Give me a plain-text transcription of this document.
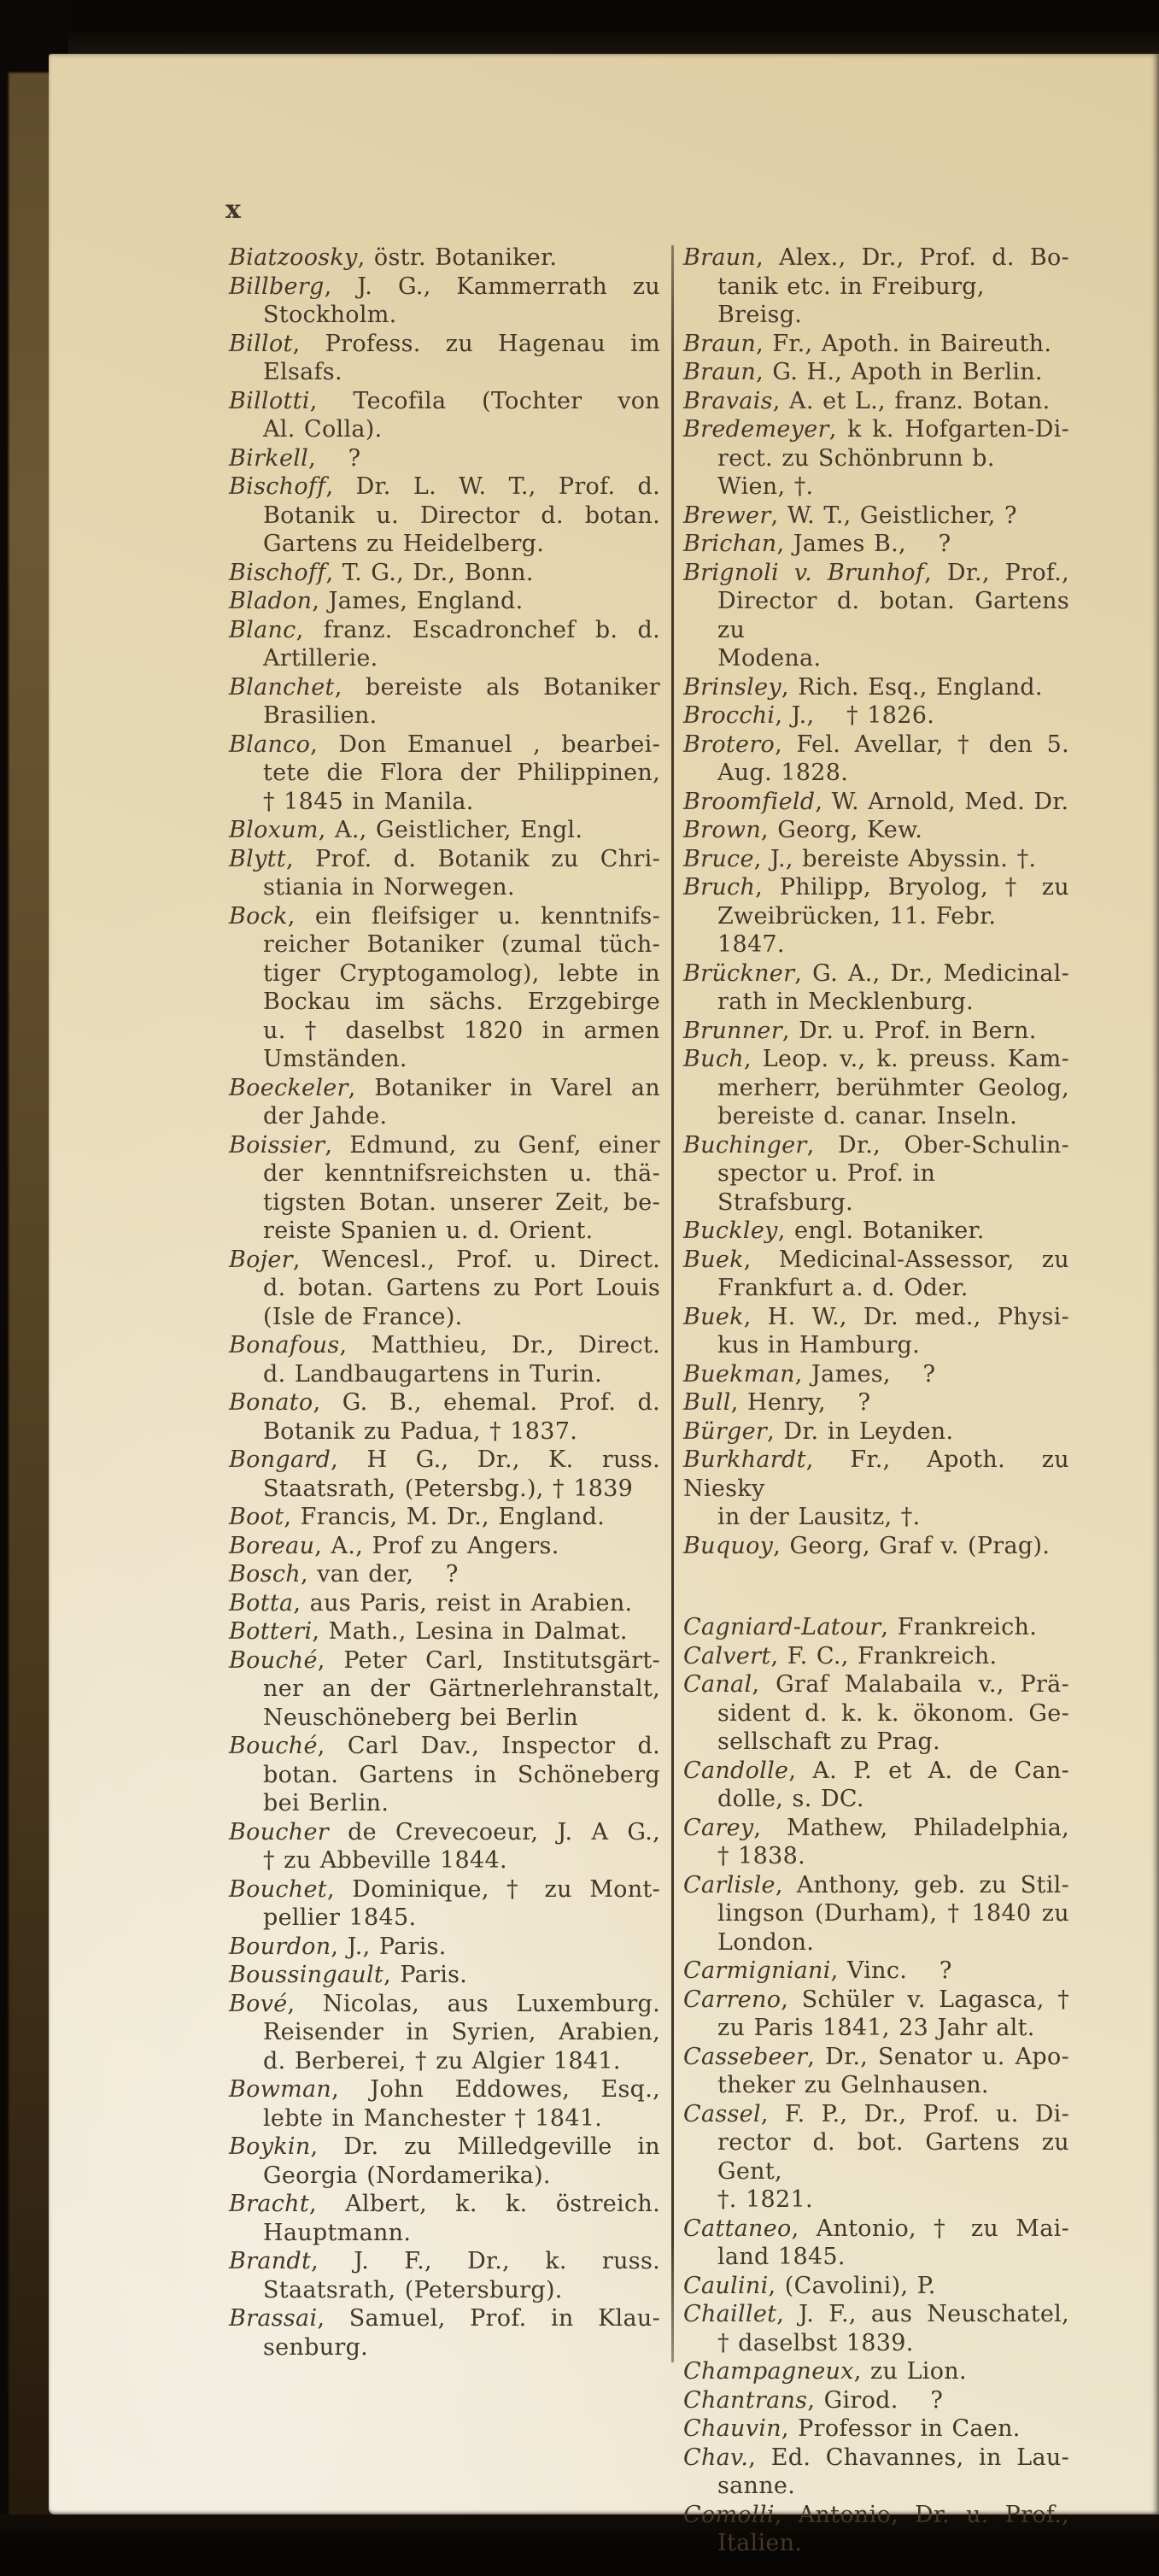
x
Biatzoosky, östr. Botaniker.
Billberg, J. G., Kammerrath zu
Stockholm.
Billot, Profess. zu Hagenau im
Elsafs.
Billotti, Tecofila (Tochter von
Al. Colla).
Birkell,  ?
Bischoff, Dr. L. W. T., Prof. d.
Botanik u. Director d. botan.
Gartens zu Heidelberg.
Bischoff, T. G., Dr., Bonn.
Bladon, James, England.
Blanc, franz. Escadronchef b. d.
Artillerie.
Blanchet, bereiste als Botaniker
Brasilien.
Blanco, Don Emanuel , bearbei-
tete die Flora der Philippinen,
† 1845 in Manila.
Bloxum, A., Geistlicher, Engl.
Blytt, Prof. d. Botanik zu Chri-
stiania in Norwegen.
Bock, ein fleifsiger u. kenntnifs-
reicher Botaniker (zumal tüch-
tiger Cryptogamolog), lebte in
Bockau im sächs. Erzgebirge
u. † daselbst 1820 in armen
Umständen.
Boeckeler, Botaniker in Varel an
der Jahde.
Boissier, Edmund, zu Genf, einer
der kenntnifsreichsten u. thä-
tigsten Botan. unserer Zeit, be-
reiste Spanien u. d. Orient.
Bojer, Wencesl., Prof. u. Direct.
d. botan. Gartens zu Port Louis
(Isle de France).
Bonafous, Matthieu, Dr., Direct.
d. Landbaugartens in Turin.
Bonato, G. B., ehemal. Prof. d.
Botanik zu Padua, † 1837.
Bongard, H G., Dr., K. russ.
Staatsrath, (Petersbg.), † 1839
Boot, Francis, M. Dr., England.
Boreau, A., Prof zu Angers.
Bosch, van der,  ?
Botta, aus Paris, reist in Arabien.
Botteri, Math., Lesina in Dalmat.
Bouché, Peter Carl, Institutsgärt-
ner an der Gärtnerlehranstalt,
Neuschöneberg bei Berlin
Bouché, Carl Dav., Inspector d.
botan. Gartens in Schöneberg
bei Berlin.
Boucher de Crevecoeur, J. A G.,
† zu Abbeville 1844.
Bouchet, Dominique, † zu Mont-
pellier 1845.
Bourdon, J., Paris.
Boussingault, Paris.
Bové, Nicolas, aus Luxemburg.
Reisender in Syrien, Arabien,
d. Berberei, † zu Algier 1841.
Bowman, John Eddowes, Esq.,
lebte in Manchester † 1841.
Boykin, Dr. zu Milledgeville in
Georgia (Nordamerika).
Bracht, Albert, k. k. östreich.
Hauptmann.
Brandt, J. F., Dr., k. russ.
Staatsrath, (Petersburg).
Brassai, Samuel, Prof. in Klau-
senburg.
Braun, Alex., Dr., Prof. d. Bo-
tanik etc. in Freiburg, Breisg.
Braun, Fr., Apoth. in Baireuth.
Braun, G. H., Apoth in Berlin.
Bravais, A. et L., franz. Botan.
Bredemeyer, k k. Hofgarten-Di-
rect. zu Schönbrunn b. Wien, †.
Brewer, W. T., Geistlicher, ?
Brichan, James B.,  ?
Brignoli v. Brunhof, Dr., Prof.,
Director d. botan. Gartens zu
Modena.
Brinsley, Rich. Esq., England.
Brocchi, J.,  † 1826.
Brotero, Fel. Avellar, † den 5.
Aug. 1828.
Broomfield, W. Arnold, Med. Dr.
Brown, Georg, Kew.
Bruce, J., bereiste Abyssin. †.
Bruch, Philipp, Bryolog, † zu
Zweibrücken, 11. Febr. 1847.
Brückner, G. A., Dr., Medicinal-
rath in Mecklenburg.
Brunner, Dr. u. Prof. in Bern.
Buch, Leop. v., k. preuss. Kam-
merherr, berühmter Geolog,
bereiste d. canar. Inseln.
Buchinger, Dr., Ober-Schulin-
spector u. Prof. in Strafsburg.
Buckley, engl. Botaniker.
Buek, Medicinal-Assessor, zu
Frankfurt a. d. Oder.
Buek, H. W., Dr. med., Physi-
kus in Hamburg.
Buekman, James,  ?
Bull, Henry,  ?
Bürger, Dr. in Leyden.
Burkhardt, Fr., Apoth. zu Niesky
in der Lausitz, †.
Buquoy, Georg, Graf v. (Prag).
Cagniard-Latour, Frankreich.
Calvert, F. C., Frankreich.
Canal, Graf Malabaila v., Prä-
sident d. k. k. ökonom. Ge-
sellschaft zu Prag.
Candolle, A. P. et A. de Can-
dolle, s. DC.
Carey, Mathew, Philadelphia,
† 1838.
Carlisle, Anthony, geb. zu Stil-
lingson (Durham), † 1840 zu
London.
Carmigniani, Vinc.  ?
Carreno, Schüler v. Lagasca, †
zu Paris 1841, 23 Jahr alt.
Cassebeer, Dr., Senator u. Apo-
theker zu Gelnhausen.
Cassel, F. P., Dr., Prof. u. Di-
rector d. bot. Gartens zu Gent,
†. 1821.
Cattaneo, Antonio, † zu Mai-
land 1845.
Caulini, (Cavolini), P.
Chaillet, J. F., aus Neuschatel,
† daselbst 1839.
Champagneux, zu Lion.
Chantrans, Girod.  ?
Chauvin, Professor in Caen.
Chav., Ed. Chavannes, in Lau-
sanne.
Comolli, Antonio, Dr. u. Prof.,
Italien.
